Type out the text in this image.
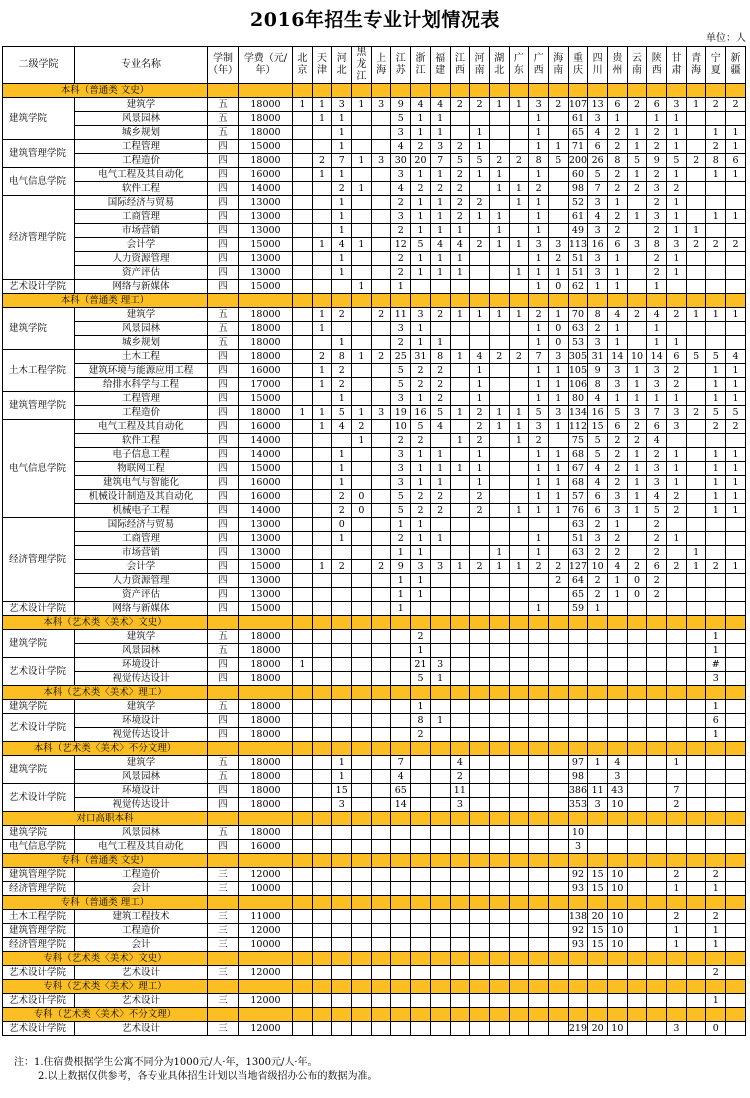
2016年招生专业计划情况表
单位：人
二级学院	专业名称	学制（年）	学费（元/年）	北京	天津	河北	黑龙江	上海	江苏	浙江	福建	江西	河南	湖北	广东	广西	海南	重庆	四川	贵州	云南	陕西	甘肃	青海	宁夏	新疆
本科（普通类 文史）																										
建筑学院	建筑学	五	18000	1	1	3	1	3	9	4	4	2	2	1	1	3	2	107	13	6	2	6	3	1	2	2
	风景园林	五	18000		1	1			5	1	1					1		61	3	1		1	1			
	城乡规划	五	18000			1			3	1	1		1			1		65	4	2	1	2	1		1	1
建筑管理学院	工程管理	四	15000			1			4	2	3	2	1			1	1	71	6	2	1	2	1		2	1
	工程造价	四	18000		2	7	1	3	30	20	7	5	5	2	2	8	5	200	26	8	5	9	5	2	8	6
电气信息学院	电气工程及其自动化	四	16000		1	1			3	1	1	2	1	1		1		60	5	2	1	2	1		1	1
	软件工程	四	14000			2	1		4	2	2	2		1	1	2		98	7	2	2	3	2			
经济管理学院	国际经济与贸易	四	13000			1			2	1	1	2	2		1	1		52	3	1		2	1			
	工商管理	四	13000			1			3	1	1	2	1	1		1		61	4	2	1	3	1		1	1
	市场营销	四	13000			1			2	1	1	1		1		1		49	3	2		2	1	1		
	会计学	四	15000		1	4	1		12	5	4	4	2	1	1	3	3	113	16	6	3	8	3	2	2	2
	人力资源管理	四	13000			1			2	1	1	1				1	2	51	3	1		2	1			
	资产评估	四	13000			1			2	1	1	1			1	1	1	51	3	1		2	1			
艺术设计学院	网络与新媒体	四	15000				1		1							1	0	62	1	1		1				
本科（普通类 理工）																										
建筑学院	建筑学	五	18000		1	2		2	11	3	2	1	1	1	1	2	1	70	8	4	2	4	2	1	1	1
	风景园林	五	18000		1				3	1						1	0	63	2	1		1				
	城乡规划	五	18000			1			2	1	1					1	0	53	3	1		1	1			
土木工程学院	土木工程	四	18000		2	8	1	2	25	31	8	1	4	2	2	7	3	305	31	14	10	14	6	5	5	4
	建筑环境与能源应用工程	四	16000		1	2			5	2	2		1			1	1	105	9	3	1	3	2		1	1
	给排水科学与工程	四	17000		1	2			5	2	2		1			1	1	106	8	3	1	3	2		1	1
建筑管理学院	工程管理	四	15000			1			3	1	2		1			1	1	80	4	1	1	1	1		1	1
	工程造价	四	18000	1	1	5	1	3	19	16	5	1	2	1	1	5	3	134	16	5	3	7	3	2	5	5
电气信息学院	电气工程及其自动化	四	16000		1	4	2		10	5	4		2	1	1	3	1	112	15	6	2	6	3		2	2
	软件工程	四	14000				1		2	2		1	2		1	2		75	5	2	2	4				
	电子信息工程	四	14000			1			3	1	1		1			1	1	68	5	2	1	2	1		1	1
	物联网工程	四	15000			1			3	1	1	1	1			1	1	67	4	2	1	3	1		1	1
	建筑电气与智能化	四	16000			1			3	1	1		1			1	1	68	4	2	1	3	1		1	1
	机械设计制造及其自动化	四	16000			2	0		5	2	2		2			1	1	57	6	3	1	4	2		1	1
	机械电子工程	四	14000			2	0		5	2	2		2		1	1	1	76	6	3	1	5	2		1	1
经济管理学院	国际经济与贸易	四	13000			0			1	1								63	2	1		2				
	工商管理	四	13000			1			2	1	1					1		51	3	2		2	1			
	市场营销	四	13000						1	1				1		1		63	2	2		2		1		
	会计学	四	15000		1	2		2	9	3	3	1	2	1	1	2	2	127	10	4	2	6	2	1	2	1
	人力资源管理	四	13000						1	1							2	64	2	1	0	2				
	资产评估	四	13000						1	1								65	2	1	0	2				
艺术设计学院	网络与新媒体	四	15000						1							1		59	1							
本科（艺术类〈美术〉文史）																										
建筑学院	建筑学	五	18000							2															1	
	风景园林	五	18000							1															1	
艺术设计学院	环境设计	四	18000	1						21	3														#	
	视觉传达设计	四	18000							5	1														3	
本科（艺术类〈美术〉理工）																										
建筑学院	建筑学	五	18000							1															1	
艺术设计学院	环境设计	四	18000							8	1														6	
	视觉传达设计	四	18000							2															1	
本科（艺术类〈美术〉不分文理）																										
建筑学院	建筑学	五	18000			1			7			4						97	1	4			1			
	风景园林	五	18000			1			4			2						98		3						
艺术设计学院	环境设计	四	18000			15			65			11						386	11	43			7			
	视觉传达设计	四	18000			3			14			3						353	3	10			2			
对口高职本科																										
建筑学院	风景园林	五	18000															10								
电气信息学院	电气工程及其自动化	四	16000															3								
专科（普通类 文史）																										
建筑管理学院	工程造价	三	12000															92	15	10			2		2	
经济管理学院	会计	三	10000															93	15	10			1		1	
专科（普通类 理工）																										
土木工程学院	建筑工程技术	三	11000															138	20	10			2		2	
建筑管理学院	工程造价	三	12000															92	15	10			1		1	
经济管理学院	会计	三	10000															93	15	10			1		1	
专科（艺术类〈美术〉文史）																										
艺术设计学院	艺术设计	三	12000																						2	
专科（艺术类〈美术〉理工）																										
艺术设计学院	艺术设计	三	12000																						1	
专科（艺术类〈美术〉不分文理）																										
艺术设计学院	艺术设计	三	12000															219	20	10			3		0	
注：1.住宿费根据学生公寓不同分为1000元/人·年，1300元/人·年。
2.以上数据仅供参考，各专业具体招生计划以当地省级招办公布的数据为准。
